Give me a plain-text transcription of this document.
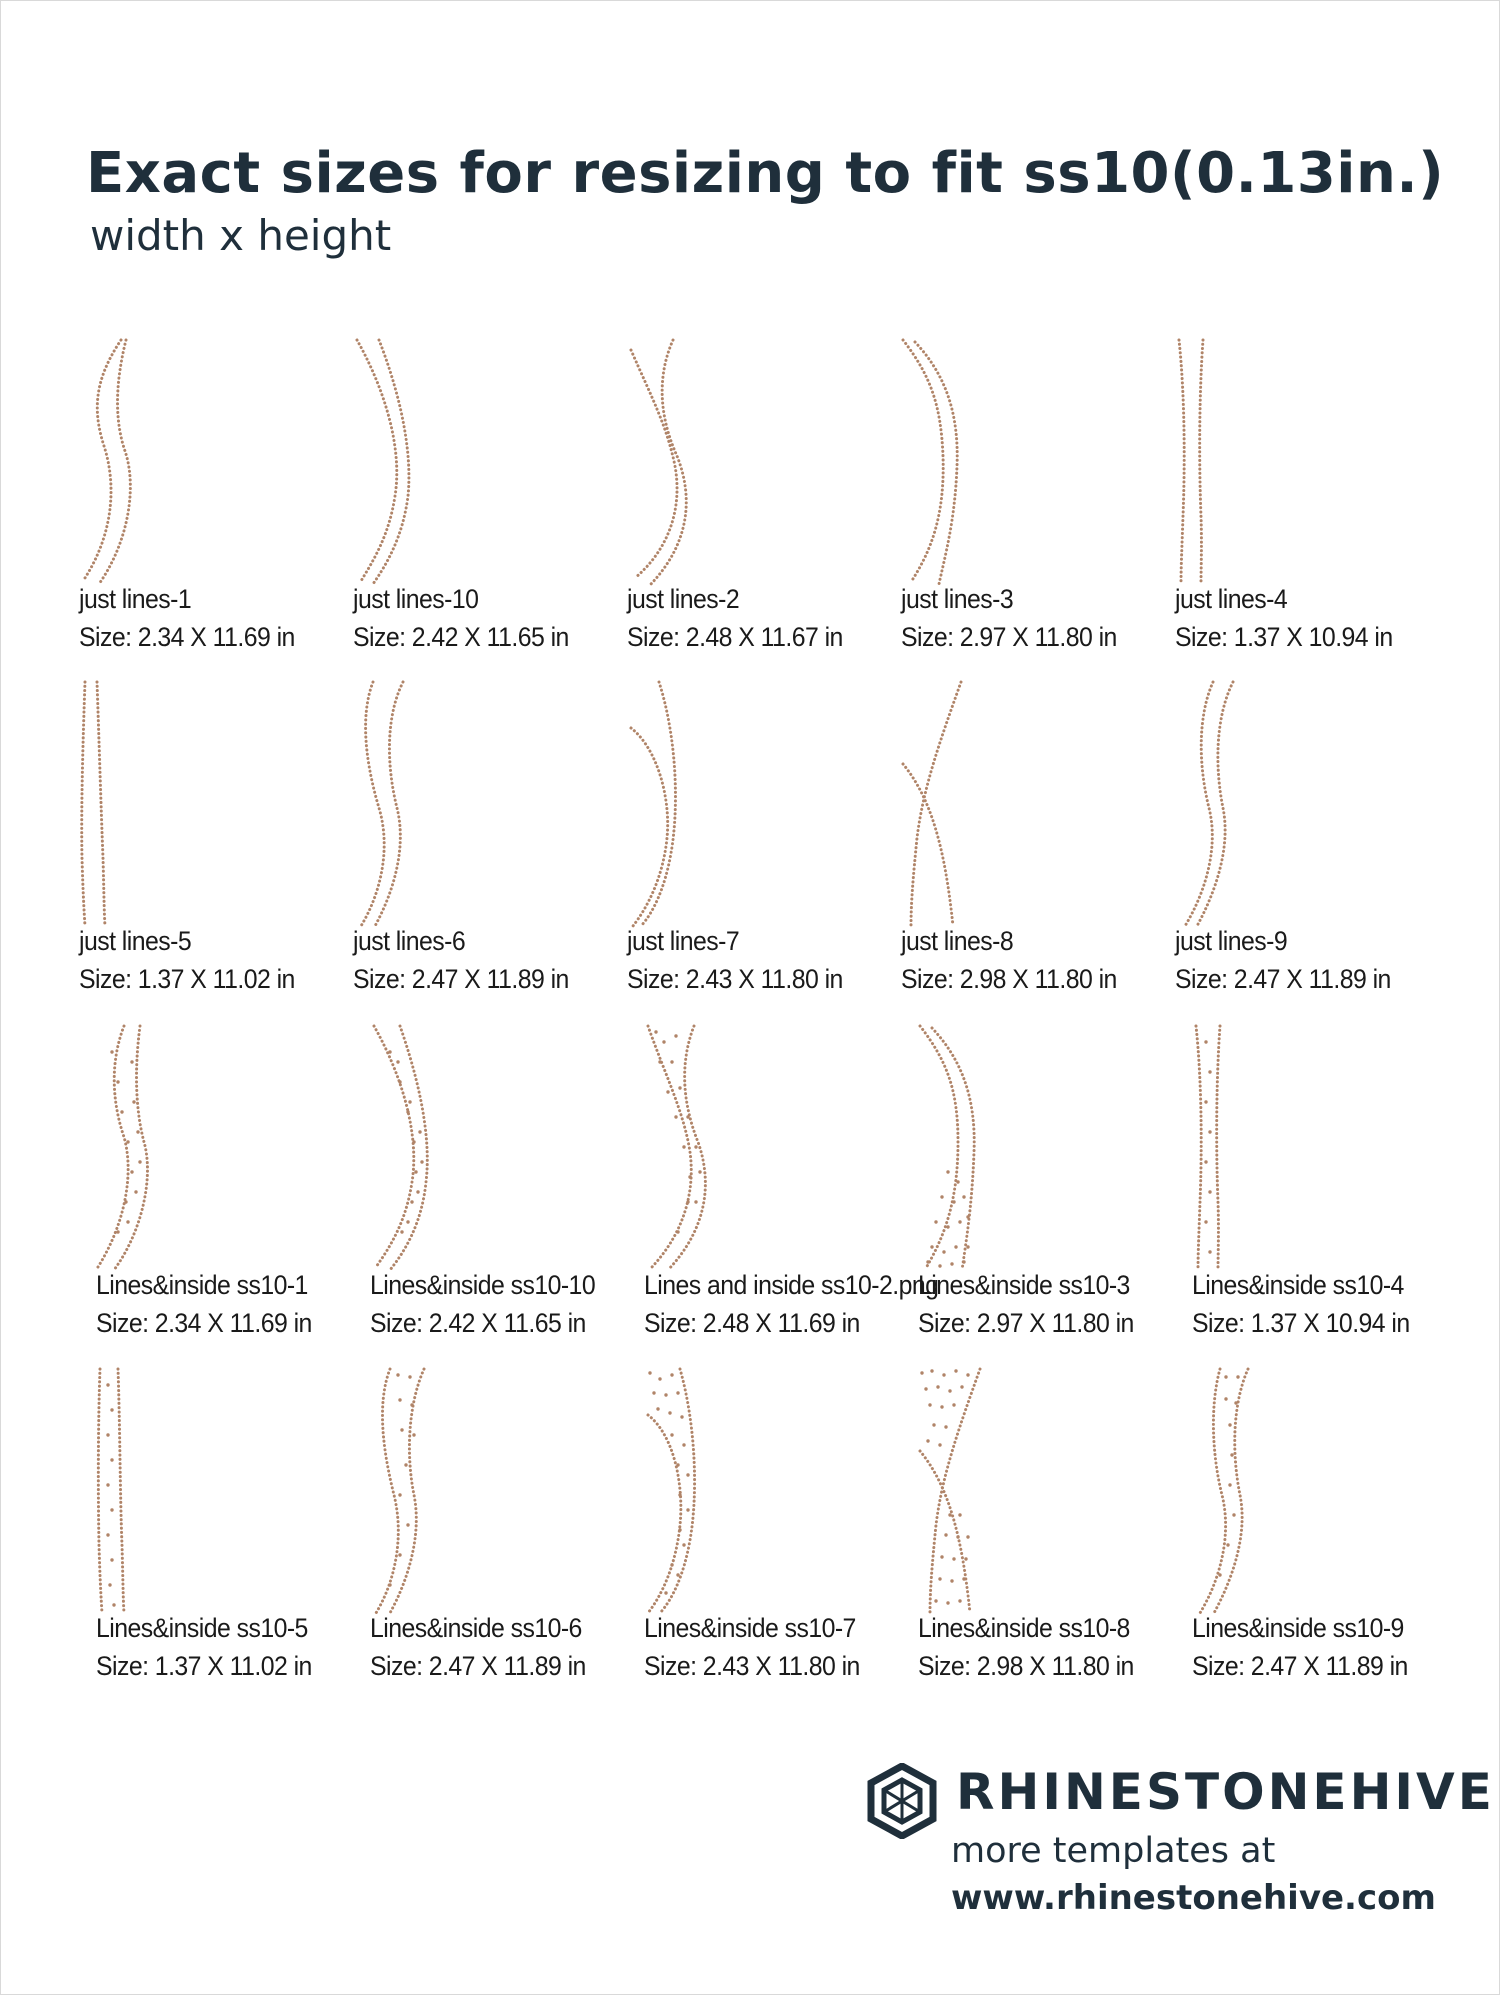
Exact sizes for resizing to fit ss10(0.13in.)
width x height
just lines-1
Size: 2.34 X 11.69 in
just lines-10
Size: 2.42 X 11.65 in
just lines-2
Size: 2.48 X 11.67 in
just lines-3
Size: 2.97 X 11.80 in
just lines-4
Size: 1.37 X 10.94 in
just lines-5
Size: 1.37 X 11.02 in
just lines-6
Size: 2.47 X 11.89 in
just lines-7
Size: 2.43 X 11.80 in
just lines-8
Size: 2.98 X 11.80 in
just lines-9
Size: 2.47 X 11.89 in
Lines&inside ss10-1
Size: 2.34 X 11.69 in
Lines&inside ss10-10
Size: 2.42 X 11.65 in
Lines and inside ss10-2.png
Size: 2.48 X 11.69 in
Lines&inside ss10-3
Size: 2.97 X 11.80 in
Lines&inside ss10-4
Size: 1.37 X 10.94 in
Lines&inside ss10-5
Size: 1.37 X 11.02 in
Lines&inside ss10-6
Size: 2.47 X 11.89 in
Lines&inside ss10-7
Size: 2.43 X 11.80 in
Lines&inside ss10-8
Size: 2.98 X 11.80 in
Lines&inside ss10-9
Size: 2.47 X 11.89 in
RHINESTONEHIVE
more templates at
www.rhinestonehive.com
